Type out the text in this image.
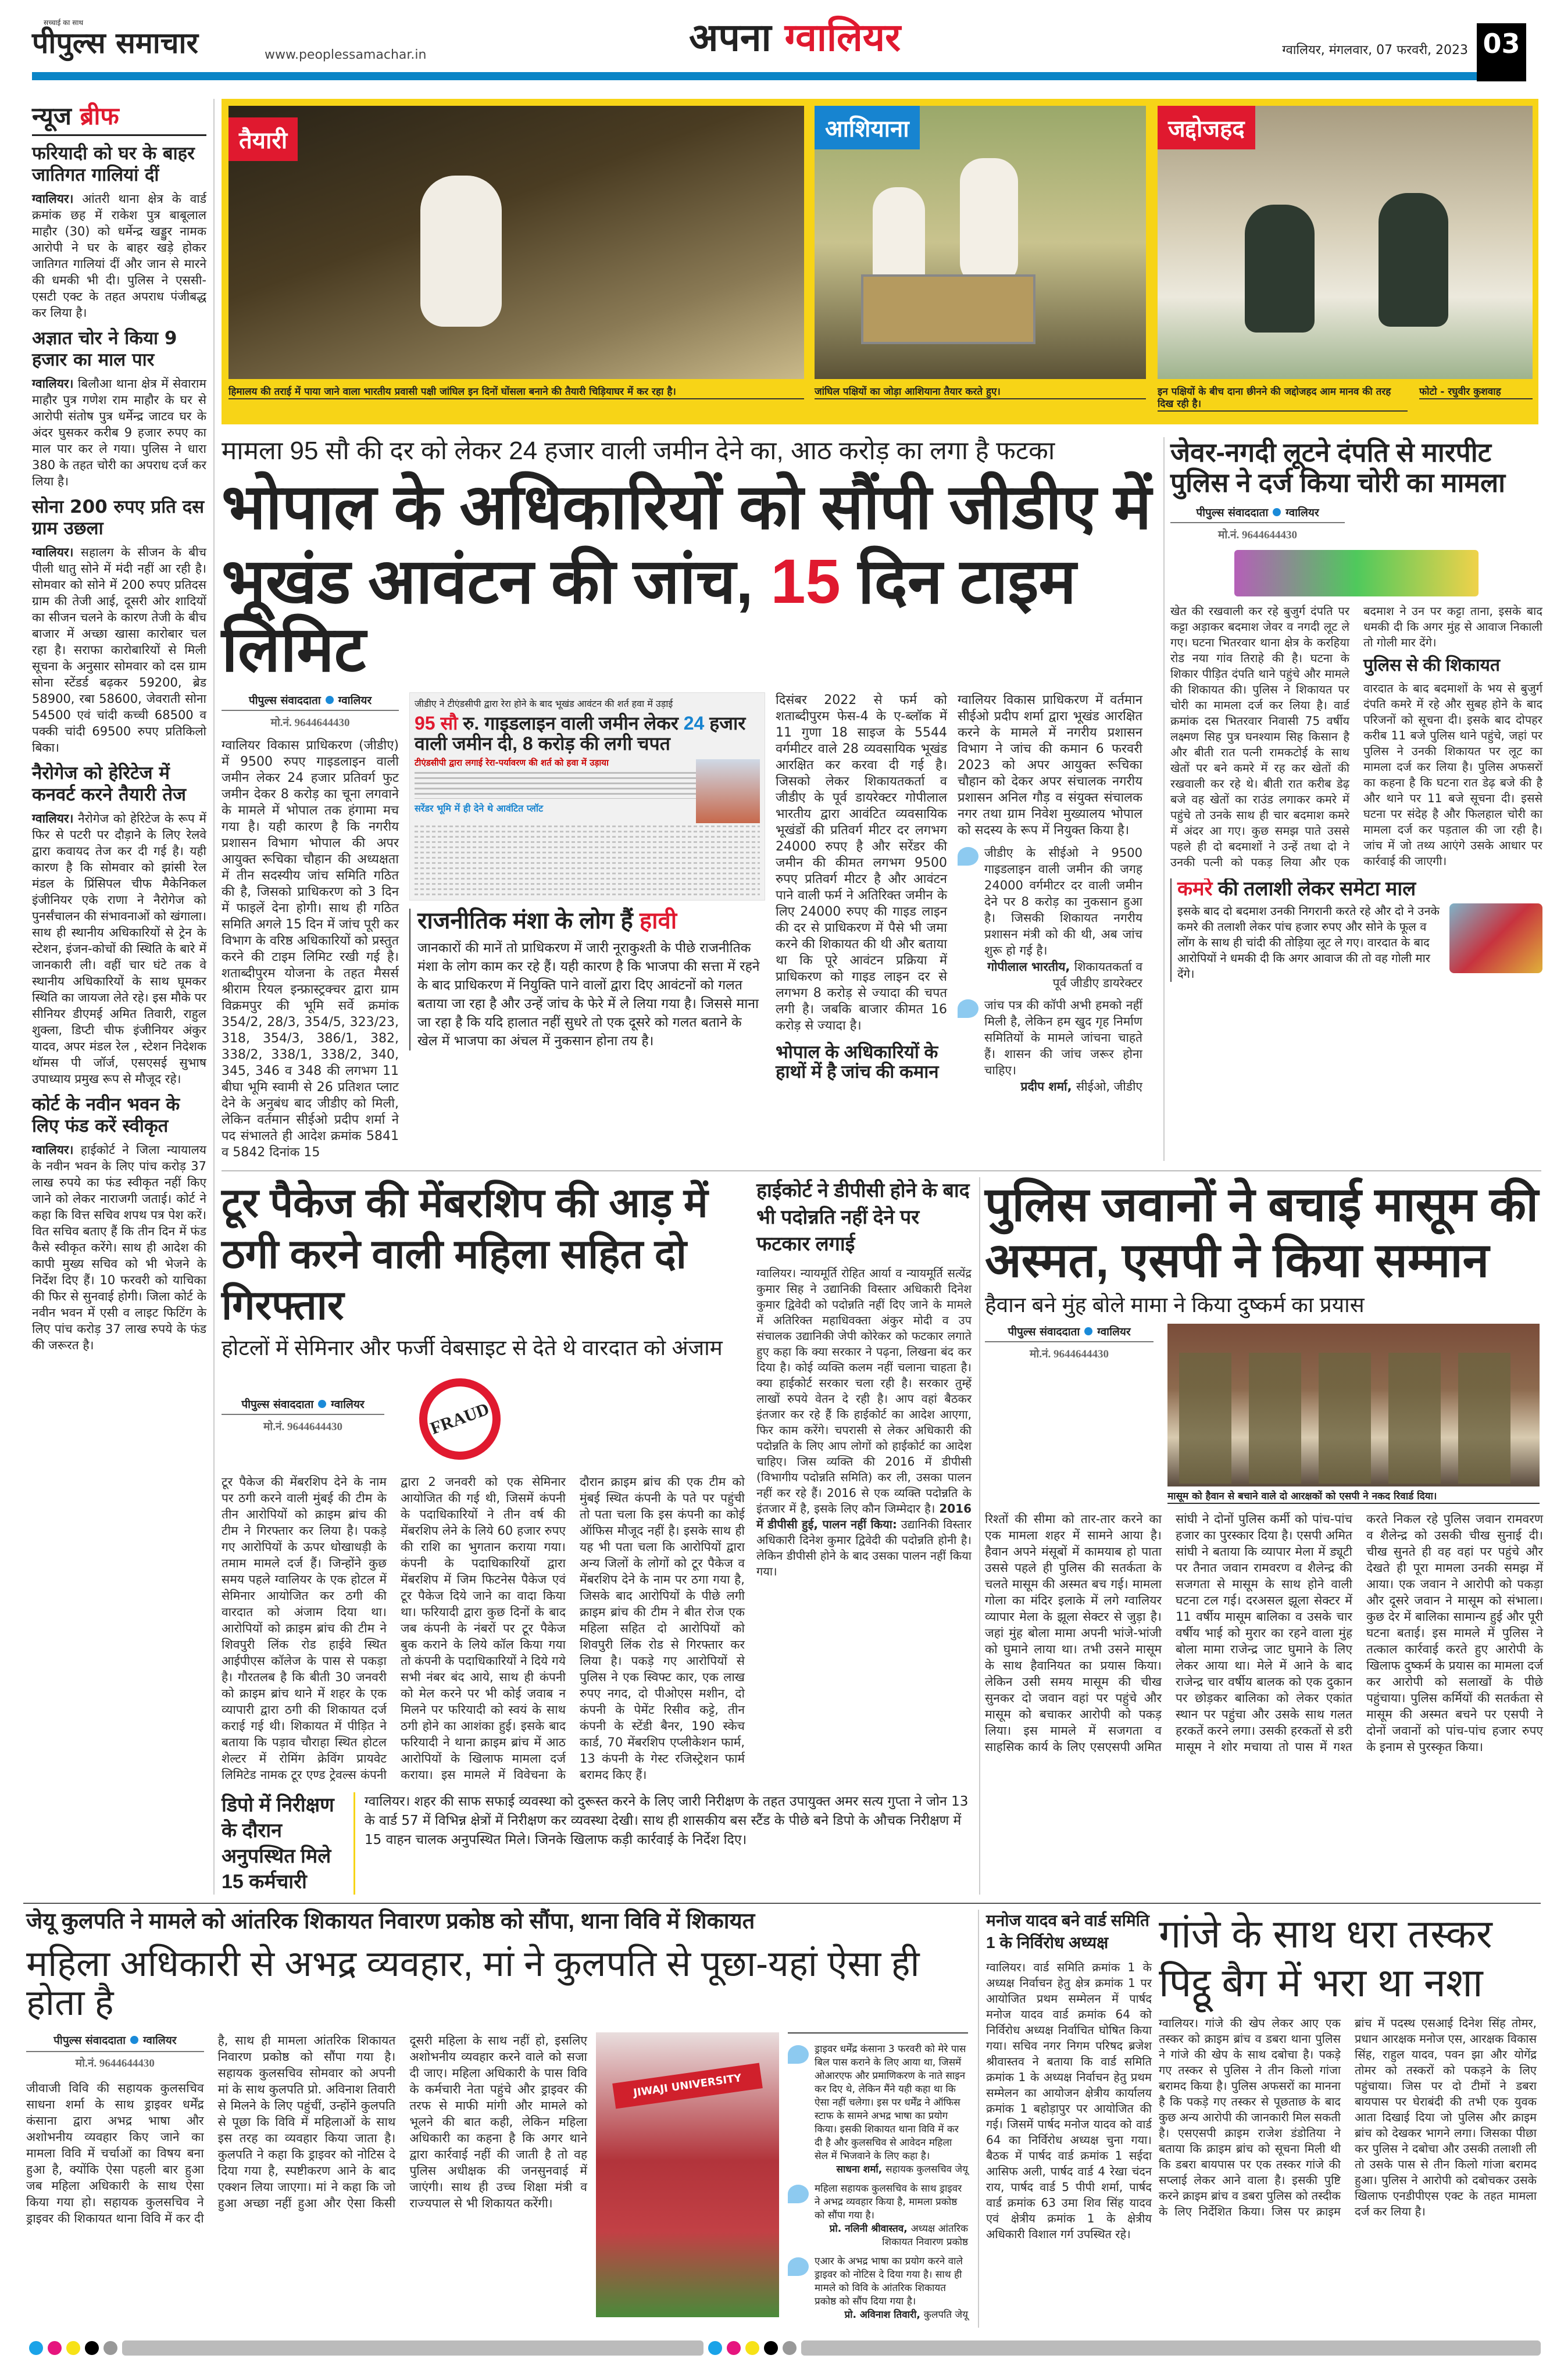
सच्चाई का साथ
पीपुल्स समाचार	www.peoplessamachar.in	अपना ग्वालियर	ग्वालियर, मंगलवार, 07 फरवरी, 2023 03
न्यूज ब्रीफ
फरियादी को घर के बाहर जातिगत गालियां दीं

ग्वालियर। आंतरी थाना क्षेत्र के वार्ड क्रमांक छह में राकेश पुत्र बाबूलाल माहौर (30) को धर्मेन्द्र खड्डुर नामक आरोपी ने घर के बाहर खड़े होकर जातिगत गालियां दीं और जान से मारने की धमकी भी दी। पुलिस ने एससी-एसटी एक्ट के तहत अपराध पंजीबद्ध कर लिया है।

अज्ञात चोर ने किया 9 हजार का माल पार

ग्वालियर। बिलौआ थाना क्षेत्र में सेवाराम माहौर पुत्र गणेश राम माहौर के घर से आरोपी संतोष पुत्र धर्मेन्द्र जाटव घर के अंदर घुसकर करीब 9 हजार रुपए का माल पार कर ले गया। पुलिस ने धारा 380 के तहत चोरी का अपराध दर्ज कर लिया है।

सोना 200 रुपए प्रति दस ग्राम उछला

ग्वालियर। सहालग के सीजन के बीच पीली धातु सोने में मंदी नहीं आ रही है। सोमवार को सोने में 200 रुपए प्रतिदस ग्राम की तेजी आई, दूसरी ओर शादियों का सीजन चलने के कारण तेजी के बीच बाजार में अच्छा खासा कारोबार चल रहा है। सराफा कारोबारियों से मिली सूचना के अनुसार सोमवार को दस ग्राम सोना स्टेंडर्ड बढ़कर 59200, ब्रेड 58900, रबा 58600, जेवराती सोना 54500 एवं चांदी कच्ची 68500 व पक्की चांदी 69500 रुपए प्रतिकिलो बिका।

नैरोगेज को हेरिटेज में कनवर्ट करने तैयारी तेज

ग्वालियर। नैरोगेज को हेरिटेज के रूप में फिर से पटरी पर दौड़ाने के लिए रेलवे द्वारा कवायद तेज कर दी गई है। यही कारण है कि सोमवार को झांसी रेल मंडल के प्रिंसिपल चीफ मैकेनिकल इंजीनियर एके राणा ने नैरोगेज को पुनर्संचालन की संभावनाओं को खंगाला। साथ ही स्थानीय अधिकारियों से ट्रेन के स्टेशन, इंजन-कोचों की स्थिति के बारे में जानकारी ली। वहीं चार घंटे तक वे स्थानीय अधिकारियों के साथ घूमकर स्थिति का जायजा लेते रहे। इस मौके पर सीनियर डीएमई अमित तिवारी, राहुल शुक्ला, डिप्टी चीफ इंजीनियर अंकुर यादव, अपर मंडल रेल , स्टेशन निदेशक थॉमस पी जॉर्ज, एसएसई सुभाष उपाध्याय प्रमुख रूप से मौजूद रहे।

कोर्ट के नवीन भवन के लिए फंड करें स्वीकृत

ग्वालियर। हाईकोर्ट ने जिला न्यायालय के नवीन भवन के लिए पांच करोड़ 37 लाख रुपये का फंड स्वीकृत नहीं किए जाने को लेकर नाराजगी जताई। कोर्ट ने कहा कि वित्त सचिव शपथ पत्र पेश करें। वित सचिव बताए हैं कि तीन दिन में फंड कैसे स्वीकृत करेंगे। साथ ही आदेश की कापी मुख्य सचिव को भी भेजने के निर्देश दिए हैं। 10 फरवरी को याचिका की फिर से सुनवाई होगी। जिला कोर्ट के नवीन भवन में एसी व लाइट फिटिंग के लिए पांच करोड़ 37 लाख रुपये के फंड की जरूरत है।

तैयारी
हिमालय की तराई में पाया जाने वाला भारतीय प्रवासी पक्षी जांघिल इन दिनों घोंसला बनाने की तैयारी चिड़ियाघर में कर रहा है।
आशियाना
जांघिल पक्षियों का जोड़ा आशियाना तैयार करते हुए।
जद्दोजहद
इन पक्षियों के बीच दाना छीनने की जद्दोजहद आम मानव की तरह दिख रही है।
फोटो - रघुवीर कुशवाह
मामला 95 सौ की दर को लेकर 24 हजार वाली जमीन देने का, आठ करोड़ का लगा है फटका
भोपाल के अधिकारियों को सौंपी जीडीए में
भूखंड आवंटन की जांच, 15 दिन टाइम लिमिट
पीपुल्स संवाददाता ग्वालियर
मो.नं. 9644644430
ग्वालियर विकास प्राधिकरण (जीडीए) में 9500 रुपए गाइडलाइन वाली जमीन लेकर 24 हजार प्रतिवर्ग फुट जमीन देकर 8 करोड़ का चूना लगवाने के मामले में भोपाल तक हंगामा मच गया है। यही कारण है कि नगरीय प्रशासन विभाग भोपाल की अपर आयुक्त रूचिका चौहान की अध्यक्षता में तीन सदस्यीय जांच समिति गठित की है, जिसको प्राधिकरण को 3 दिन में फाइलें देना होगी। साथ ही गठित समिति अगले 15 दिन में जांच पूरी कर विभाग के वरिष्ठ अधिकारियों को प्रस्तुत करने की टाइम लिमिट रखी गई है। शताब्दीपुरम योजना के तहत मैसर्स श्रीराम रियल इन्फ्रास्ट्रक्चर द्वारा ग्राम विक्रमपुर की भूमि सर्वे क्रमांक 354/2, 28/3, 354/5, 323/23, 318, 354/3, 386/1, 382, 338/2, 338/1, 338/2, 340, 345, 346 व 348 की लगभग 11 बीघा भूमि स्वामी से 26 प्रतिशत प्लाट देने के अनुबंध बाद जीडीए को मिली, लेकिन वर्तमान सीईओ प्रदीप शर्मा ने पद संभालते ही आदेश क्रमांक 5841 व 5842 दिनांक 15
जीडीए ने टीएंडसीपी द्वारा रेरा होने के बाद भूखंड आवंटन की शर्त हवा में उड़ाई
95 सौ रु. गाइडलाइन वाली जमीन लेकर 24 हजार वाली जमीन दी, 8 करोड़ की लगी चपत
टीएंडसीपी द्वारा लगाई रेरा-पर्यावरण की शर्त को हवा में उड़ाया
सरेंडर भूमि में ही देने थे आवंटित प्लॉट
राजनीतिक मंशा के लोग हैं हावी
जानकारों की मानें तो प्राधिकरण में जारी नूराकुश्ती के पीछे राजनीतिक मंशा के लोग काम कर रहे हैं। यही कारण है कि भाजपा की सत्ता में रहने के बाद प्राधिकरण में नियुक्ति पाने वालों द्वारा दिए आवंटनों को गलत बताया जा रहा है और उन्हें जांच के फेरे में ले लिया गया है। जिससे माना जा रहा है कि यदि हालात नहीं सुधरे तो एक दूसरे को गलत बताने के खेल में भाजपा का अंचल में नुकसान होना तय है।
दिसंबर 2022 से फर्म को शताब्दीपुरम फेस-4 के ए-ब्लॉक में 11 गुणा 18 साइज के 5544 वर्गमीटर वाले 28 व्यवसायिक भूखंड आरक्षित कर करवा दी गई है। जिसको लेकर शिकायतकर्ता व जीडीए के पूर्व डायरेक्टर गोपीलाल भारतीय द्वारा आवंटित व्यवसायिक भूखंडों की प्रतिवर्ग मीटर दर लगभग 24000 रुपए है और सरेंडर की जमीन की कीमत लगभग 9500 रुपए प्रतिवर्ग मीटर है और आवंटन पाने वाली फर्म ने अतिरिक्त जमीन के लिए 24000 रुपए की गाइड लाइन की दर से प्राधिकरण में पैसे भी जमा करने की शिकायत की थी और बताया था कि पूरे आवंटन प्रक्रिया में प्राधिकरण को गाइड लाइन दर से लगभग 8 करोड़ से ज्यादा की चपत लगी है। जबकि बाजार कीमत 16 करोड़ से ज्यादा है।
भोपाल के अधिकारियों के हाथों में है जांच की कमान
ग्वालियर विकास प्राधिकरण में वर्तमान सीईओ प्रदीप शर्मा द्वारा भूखंड आरक्षित करने के मामले में नगरीय प्रशासन विभाग ने जांच की कमान 6 फरवरी 2023 को अपर आयुक्त रूचिका चौहान को देकर अपर संचालक नगरीय प्रशासन अनिल गौड़ व संयुक्त संचालक नगर तथा ग्राम निवेश मुख्यालय भोपाल को सदस्य के रूप में नियुक्त किया है।
जीडीए के सीईओ ने 9500 गाइडलाइन वाली जमीन की जगह 24000 वर्गमीटर दर वाली जमीन देने पर 8 करोड़ का नुकसान हुआ है। जिसकी शिकायत नगरीय प्रशासन मंत्री को की थी, अब जांच शुरू हो गई है।
गोपीलाल भारतीय, शिकायतकर्ता व पूर्व जीडीए डायरेक्टर
जांच पत्र की कॉपी अभी हमको नहीं मिली है, लेकिन हम खुद गृह निर्माण समितियों के मामले जांचना चाहते हैं। शासन की जांच जरूर होना चाहिए।
प्रदीप शर्मा, सीईओ, जीडीए
जेवर-नगदी लूटने दंपति से मारपीट पुलिस ने दर्ज किया चोरी का मामला
पीपुल्स संवाददाता ग्वालियर
मो.नं. 9644644430
खेत की रखवाली कर रहे बुजुर्ग दंपति पर कट्टा अड़ाकर बदमाश जेवर व नगदी लूट ले गए। घटना भितरवार थाना क्षेत्र के करहिया रोड नया गांव तिराहे की है। घटना के शिकार पीड़ित दंपति थाने पहुंचे और मामले की शिकायत की। पुलिस ने शिकायत पर चोरी का मामला दर्ज कर लिया है। वार्ड क्रमांक दस भितरवार निवासी 75 वर्षीय लक्ष्मण सिह पुत्र घनश्याम सिह किसान है और बीती रात पत्नी रामकटोई के साथ खेतों पर बने कमरे में रह कर खेतों की रखवाली कर रहे थे। बीती रात करीब डेढ़ बजे वह खेतों का राउंड लगाकर कमरे में पहुंचे तो उनके साथ ही चार बदमाश कमरे में अंदर आ गए। कुछ समझ पाते उससे पहले ही दो बदमाशों ने उन्हें तथा दो ने उनकी पत्नी को पकड़ लिया और एक बदमाश ने उन पर कट्टा ताना, इसके बाद धमकी दी कि अगर मुंह से आवाज निकाली तो गोली मार देंगे।
पुलिस से की शिकायत
वारदात के बाद बदमाशों के भय से बुजुर्ग दंपति कमरे में रहे और सुबह होने के बाद परिजनों को सूचना दी। इसके बाद दोपहर करीब 11 बजे पुलिस थाने पहुंचे, जहां पर पुलिस ने उनकी शिकायत पर लूट का मामला दर्ज कर लिया है। पुलिस अफसरों का कहना है कि घटना रात डेढ़ बजे की है और थाने पर 11 बजे सूचना दी। इससे घटना पर संदेह है और फिलहाल चोरी का मामला दर्ज कर पड़ताल की जा रही है। जांच में जो तथ्य आएंगे उसके आधार पर कार्रवाई की जाएगी।
कमरे की तलाशी लेकर समेटा माल
इसके बाद दो बदमाश उनकी निगरानी करते रहे और दो ने उनके कमरे की तलाशी लेकर पांच हजार रुपए और सोने के फूल व लोंग के साथ ही चांदी की तोड़िया लूट ले गए। वारदात के बाद आरोपियों ने धमकी दी कि अगर आवाज की तो वह गोली मार देंगे।
टूर पैकेज की मेंबरशिप की आड़ में ठगी करने वाली महिला सहित दो गिरफ्तार
होटलों में सेमिनार और फर्जी वेबसाइट से देते थे वारदात को अंजाम
पीपुल्स संवाददाता ग्वालियर
मो.नं. 9644644430	FRAUD
टूर पैकेज की मेंबरशिप देने के नाम पर ठगी करने वाली मुंबई की टीम के तीन आरोपियों को क्राइम ब्रांच की टीम ने गिरफ्तार कर लिया है। पकड़े गए आरोपियों के ऊपर धोखाधड़ी के तमाम मामले दर्ज हैं। जिन्होंने कुछ समय पहले ग्वालियर के एक होटल में सेमिनार आयोजित कर ठगी की वारदात को अंजाम दिया था। आरोपियों को क्राइम ब्रांच की टीम ने शिवपुरी लिंक रोड हाईवे स्थित आईपीएस कॉलेज के पास से पकड़ा है। गौरतलब है कि बीती 30 जनवरी को क्राइम ब्रांच थाने में शहर के एक व्यापारी द्वारा ठगी की शिकायत दर्ज कराई गई थी। शिकायत में पीड़ित ने बताया कि पड़ाव चौराहा स्थित होटल शेल्टर में रोमिंग क्रेविंग प्रायवेट लिमिटेड नामक टूर एण्ड ट्रेवल्स कंपनी द्वारा 2 जनवरी को एक सेमिनार आयोजित की गई थी, जिसमें कंपनी के पदाधिकारियों ने तीन वर्ष की मेंबरशिप लेने के लिये 60 हजार रुपए की राशि का भुगतान कराया गया। कंपनी के पदाधिकारियों द्वारा मेंबरशिप में जिम फिटनेस पैकेज एवं टूर पैकेज दिये जाने का वादा किया था। फरियादी द्वारा कुछ दिनों के बाद जब कंपनी के नंबरों पर टूर पैकेज बुक कराने के लिये कॉल किया गया तो कंपनी के पदाधिकारियों ने दिये गये सभी नंबर बंद आये, साथ ही कंपनी को मेल करने पर भी कोई जवाब न मिलने पर फरियादी को स्वयं के साथ ठगी होने का आशंका हुई। इसके बाद फरियादी ने थाना क्राइम ब्रांच में आठ आरोपियों के खिलाफ मामला दर्ज कराया। इस मामले में विवेचना के दौरान क्राइम ब्रांच की एक टीम को मुंबई स्थित कंपनी के पते पर पहुंची तो पता चला कि इस कंपनी का कोई ऑफिस मौजूद नहीं है। इसके साथ ही यह भी पता चला कि आरोपियों द्वारा अन्य जिलों के लोगों को टूर पैकेज व मेंबरशिप देने के नाम पर ठगा गया है, जिसके बाद आरोपियों के पीछे लगी क्राइम ब्रांच की टीम ने बीत रोज एक महिला सहित दो आरोपियों को शिवपुरी लिंक रोड से गिरफ्तार कर लिया है। पकड़े गए आरोपियों से पुलिस ने एक स्विफ्ट कार, एक लाख रुपए नगद, दो पीओएस मशीन, दो कंपनी के पेमेंट रिसीव कट्टे, तीन कंपनी के स्टेंडी बैनर, 190 स्केच कार्ड, 70 मेंबरशिप एप्लीकेशन फार्म, 13 कंपनी के गेस्ट रजिस्ट्रेशन फार्म बरामद किए हैं।
हाईकोर्ट ने डीपीसी होने के बाद भी पदोन्नति नहीं देने पर फटकार लगाई
ग्वालियर। न्यायमूर्ति रोहित आर्या व न्यायमूर्ति सत्येंद्र कुमार सिह ने उद्यानिकी विस्तार अधिकारी दिनेश कुमार द्विवेदी को पदोन्नति नहीं दिए जाने के मामले में अतिरिक्त महाधिवक्ता अंकुर मोदी व उप संचालक उद्यानिकी जेपी कोरेकर को फटकार लगाते हुए कहा कि क्या सरकार ने पढ़ना, लिखना बंद कर दिया है। कोई व्यक्ति कलम नहीं चलाना चाहता है। क्या हाईकोर्ट सरकार चला रही है। सरकार तुम्हें लाखों रुपये वेतन दे रही है। आप वहां बैठकर इंतजार कर रहे हैं कि हाईकोर्ट का आदेश आएगा, फिर काम करेंगे। चपरासी से लेकर अधिकारी की पदोन्नति के लिए आप लोगों को हाईकोर्ट का आदेश चाहिए। जिस व्यक्ति की 2016 में डीपीसी (विभागीय पदोन्नति समिति) कर ली, उसका पालन नहीं कर रहे हैं। 2016 से एक व्यक्ति पदोन्नति के इंतजार में है, इसके लिए कौन जिम्मेदार है। 2016 में डीपीसी हुई, पालन नहीं किया: उद्यानिकी विस्तार अधिकारी दिनेश कुमार द्विवेदी की पदोन्नति होनी है।लेकिन डीपीसी होने के बाद उसका पालन नहीं किया गया।
डिपो में निरीक्षण के दौरान अनुपस्थित मिले 15 कर्मचारी
ग्वालियर। शहर की साफ सफाई व्यवस्था को दुरूस्त करने के लिए जारी निरीक्षण के तहत उपायुक्त अमर सत्य गुप्ता ने जोन 13 के वार्ड 57 में विभिन्न क्षेत्रों में निरीक्षण कर व्यवस्था देखी। साथ ही शासकीय बस स्टैंड के पीछे बने डिपो के औचक निरीक्षण में 15 वाहन चालक अनुपस्थित मिले। जिनके खिलाफ कड़ी कार्रवाई के निर्देश दिए।
पुलिस जवानों ने बचाई मासूम की अस्मत, एसपी ने किया सम्मान
हैवान बने मुंह बोले मामा ने किया दुष्कर्म का प्रयास
पीपुल्स संवाददाता ग्वालियर
मो.नं. 9644644430
मासूम को हैवान से बचाने वाले दो आरक्षकों को एसपी ने नकद रिवार्ड दिया।
रिश्तों की सीमा को तार-तार करने का एक मामला शहर में सामने आया है। हैवान अपने मंसूबों में कामयाब हो पाता उससे पहले ही पुलिस की सतर्कता के चलते मासूम की अस्मत बच गई। मामला गोला का मंदिर इलाके में लगे ग्वालियर व्यापार मेला के झूला सेक्टर से जुड़ा है। जहां मुंह बोला मामा अपनी भांजे-भांजी को घुमाने लाया था। तभी उसने मासूम के साथ हैवानियत का प्रयास किया। लेकिन उसी समय मासूम की चीख सुनकर दो जवान वहां पर पहुंचे और मासूम को बचाकर आरोपी को पकड़ लिया। इस मामले में सजगता व साहसिक कार्य के लिए एसएसपी अमित सांघी ने दोनों पुलिस कर्मी को पांच-पांच हजार का पुरस्कार दिया है। एसपी अमित सांघी ने बताया कि व्यापार मेला में ड्यूटी पर तैनात जवान रामवरण व शैलेन्द्र की सजगता से मासूम के साथ होने वाली घटना टल गई। दरअसल झूला सेक्टर में 11 वर्षीय मासूम बालिका व उसके चार वर्षीय भाई को मुरार का रहने वाला मुंह बोला मामा राजेन्द्र जाट घुमाने के लिए लेकर आया था। मेले में आने के बाद राजेन्द्र चार वर्षीय बालक को एक दुकान पर छोड़कर बालिका को लेकर एकांत स्थान पर पहुंचा और उसके साथ गलत हरकतें करने लगा। उसकी हरकतों से डरी मासूम ने शोर मचाया तो पास में गश्त करते निकल रहे पुलिस जवान रामवरण व शैलेन्द्र को उसकी चीख सुनाई दी। चीख सुनते ही वह वहां पर पहुंचे और देखते ही पूरा मामला उनकी समझ में आया। एक जवान ने आरोपी को पकड़ा और दूसरे जवान ने मासूम को संभाला। कुछ देर में बालिका सामान्य हुई और पूरी घटना बताई। इस मामले में पुलिस ने तत्काल कार्रवाई करते हुए आरोपी के खिलाफ दुष्कर्म के प्रयास का मामला दर्ज कर आरोपी को सलाखों के पीछे पहुंचाया। पुलिस कर्मियों की सतर्कता से मासूम की अस्मत बचने पर एसपी ने दोनों जवानों को पांच-पांच हजार रुपए के इनाम से पुरस्कृत किया।
जेयू कुलपति ने मामले को आंतरिक शिकायत निवारण प्रकोष्ठ को सौंपा, थाना विवि में शिकायत
महिला अधिकारी से अभद्र व्यवहार, मां ने कुलपति से पूछा-यहां ऐसा ही होता है
पीपुल्स संवाददाता ग्वालियर
मो.नं. 9644644430
जीवाजी विवि की सहायक कुलसचिव साधना शर्मा के साथ ड्राइवर धर्मेंद्र कंसाना द्वारा अभद्र भाषा और अशोभनीय व्यवहार किए जाने का मामला विवि में चर्चाओं का विषय बना हुआ है, क्योंकि ऐसा पहली बार हुआ जब महिला अधिकारी के साथ ऐसा किया गया हो। सहायक कुलसचिव ने ड्राइवर की शिकायत थाना विवि में कर दी है, साथ ही मामला आंतरिक शिकायत निवारण प्रकोष्ठ को सौंपा गया है। सहायक कुलसचिव सोमवार को अपनी मां के साथ कुलपति प्रो. अविनाश तिवारी से मिलने के लिए पहुंचीं, उन्होंने कुलपति से पूछा कि विवि में महिलाओं के साथ इस तरह का व्यवहार किया जाता है। कुलपति ने कहा कि ड्राइवर को नोटिस दे दिया गया है, स्पष्टीकरण आने के बाद एक्शन लिया जाएगा। मां ने कहा कि जो हुआ अच्छा नहीं हुआ और ऐसा किसी दूसरी महिला के साथ नहीं हो, इसलिए अशोभनीय व्यवहार करने वाले को सजा दी जाए। महिला अधिकारी के पास विवि के कर्मचारी नेता पहुंचे और ड्राइवर की तरफ से माफी मांगी और मामले को भूलने की बात कही, लेकिन महिला अधिकारी का कहना है कि अगर थाने द्वारा कार्रवाई नहीं की जाती है तो वह पुलिस अधीक्षक की जनसुनवाई में जाएंगी। साथ ही उच्च शिक्षा मंत्री व राज्यपाल से भी शिकायत करेंगी।
JIWAJI UNIVERSITY
ड्राइवर धर्मेंद्र कंसाना 3 फरवरी को मेरे पास बिल पास कराने के लिए आया था, जिसमें ओआरएफ और प्रमाणिकरण के नाते साइन कर दिए थे, लेकिन मैंने यही कहा था कि ऐसा नहीं चलेगा। इस पर धर्मेंद्र ने ऑफिस स्टाफ के सामने अभद्र भाषा का प्रयोग किया। इसकी शिकायत थाना विवि में कर दी है और कुलसचिव से आवेदन महिला सेल में भिजवाने के लिए कहा है।
साधना शर्मा, सहायक कुलसचिव जेयू
महिला सहायक कुलसचिव के साथ ड्राइवर ने अभद्र व्यवहार किया है, मामला प्रकोष्ठ को सौंपा गया है।
प्रो. नलिनी श्रीवास्तव, अध्यक्ष आंतरिक शिकायत निवारण प्रकोष्ठ
एआर के अभद्र भाषा का प्रयोग करने वाले ड्राइवर को नोटिस दे दिया गया है। साथ ही मामले को विवि के आंतरिक शिकायत प्रकोष्ठ को सौंप दिया गया है।
प्रो. अविनाश तिवारी, कुलपति जेयू
मनोज यादव बने वार्ड समिति 1 के निर्विरोध अध्यक्ष
ग्वालियर। वार्ड समिति क्रमांक 1 के अध्यक्ष निर्वाचन हेतु क्षेत्र क्रमांक 1 पर आयोजित प्रथम सम्मेलन में पार्षद मनोज यादव वार्ड क्रमांक 64 को निर्विरोध अध्यक्ष निर्वाचित घोषित किया गया। सचिव नगर निगम परिषद ब्रजेश श्रीवास्तव ने बताया कि वार्ड समिति क्रमांक 1 के अध्यक्ष निर्वाचन हेतु प्रथम सम्मेलन का आयोजन क्षेत्रीय कार्यालय क्रमांक 1 बहोड़ापुर पर आयोजित की गई। जिसमें पार्षद मनोज यादव को वार्ड 64 का निर्विरोध अध्यक्ष चुना गया। बैठक में पार्षद वार्ड क्रमांक 1 सईदा आसिफ अली, पार्षद वार्ड 4 रेखा चंदन राय, पार्षद वार्ड 5 पीपी शर्मा, पार्षद वार्ड क्रमांक 63 उमा शिव सिंह यादव एवं क्षेत्रीय क्रमांक 1 के क्षेत्रीय अधिकारी विशाल गर्ग उपस्थित रहे।
गांजे के साथ धरा तस्कर पिट्ठू बैग में भरा था नशा
ग्वालियर। गांजे की खेप लेकर आए एक तस्कर को क्राइम ब्रांच व डबरा थाना पुलिस ने गांजे की खेप के साथ दबोचा है। पकड़े गए तस्कर से पुलिस ने तीन किलो गांजा बरामद किया है। पुलिस अफसरों का मानना है कि पकड़े गए तस्कर से पूछताछ के बाद कुछ अन्य आरोपी की जानकारी मिल सकती है। एसएसपी क्राइम राजेश डंडोतिया ने बताया कि क्राइम ब्रांच को सूचना मिली थी कि डबरा बायपास पर एक तस्कर गांजे की सप्लाई लेकर आने वाला है। इसकी पुष्टि करने क्राइम ब्रांच व डबरा पुलिस को तस्दीक के लिए निर्देशित किया। जिस पर क्राइम ब्रांच में पदस्थ एसआई दिनेश सिंह तोमर, प्रधान आरक्षक मनोज एस, आरक्षक विकास सिंह, राहुल यादव, पवन झा और योगेंद्र तोमर को तस्करों को पकड़ने के लिए पहुंचाया। जिस पर दो टीमों ने डबरा बायपास पर घेराबंदी की तभी एक युवक आता दिखाई दिया जो पुलिस और क्राइम ब्रांच को देखकर भागने लगा। जिसका पीछा कर पुलिस ने दबोचा और उसकी तलाशी ली तो उसके पास से तीन किलो गांजा बरामद हुआ। पुलिस ने आरोपी को दबोचकर उसके खिलाफ एनडीपीएस एक्ट के तहत मामला दर्ज कर लिया है।
